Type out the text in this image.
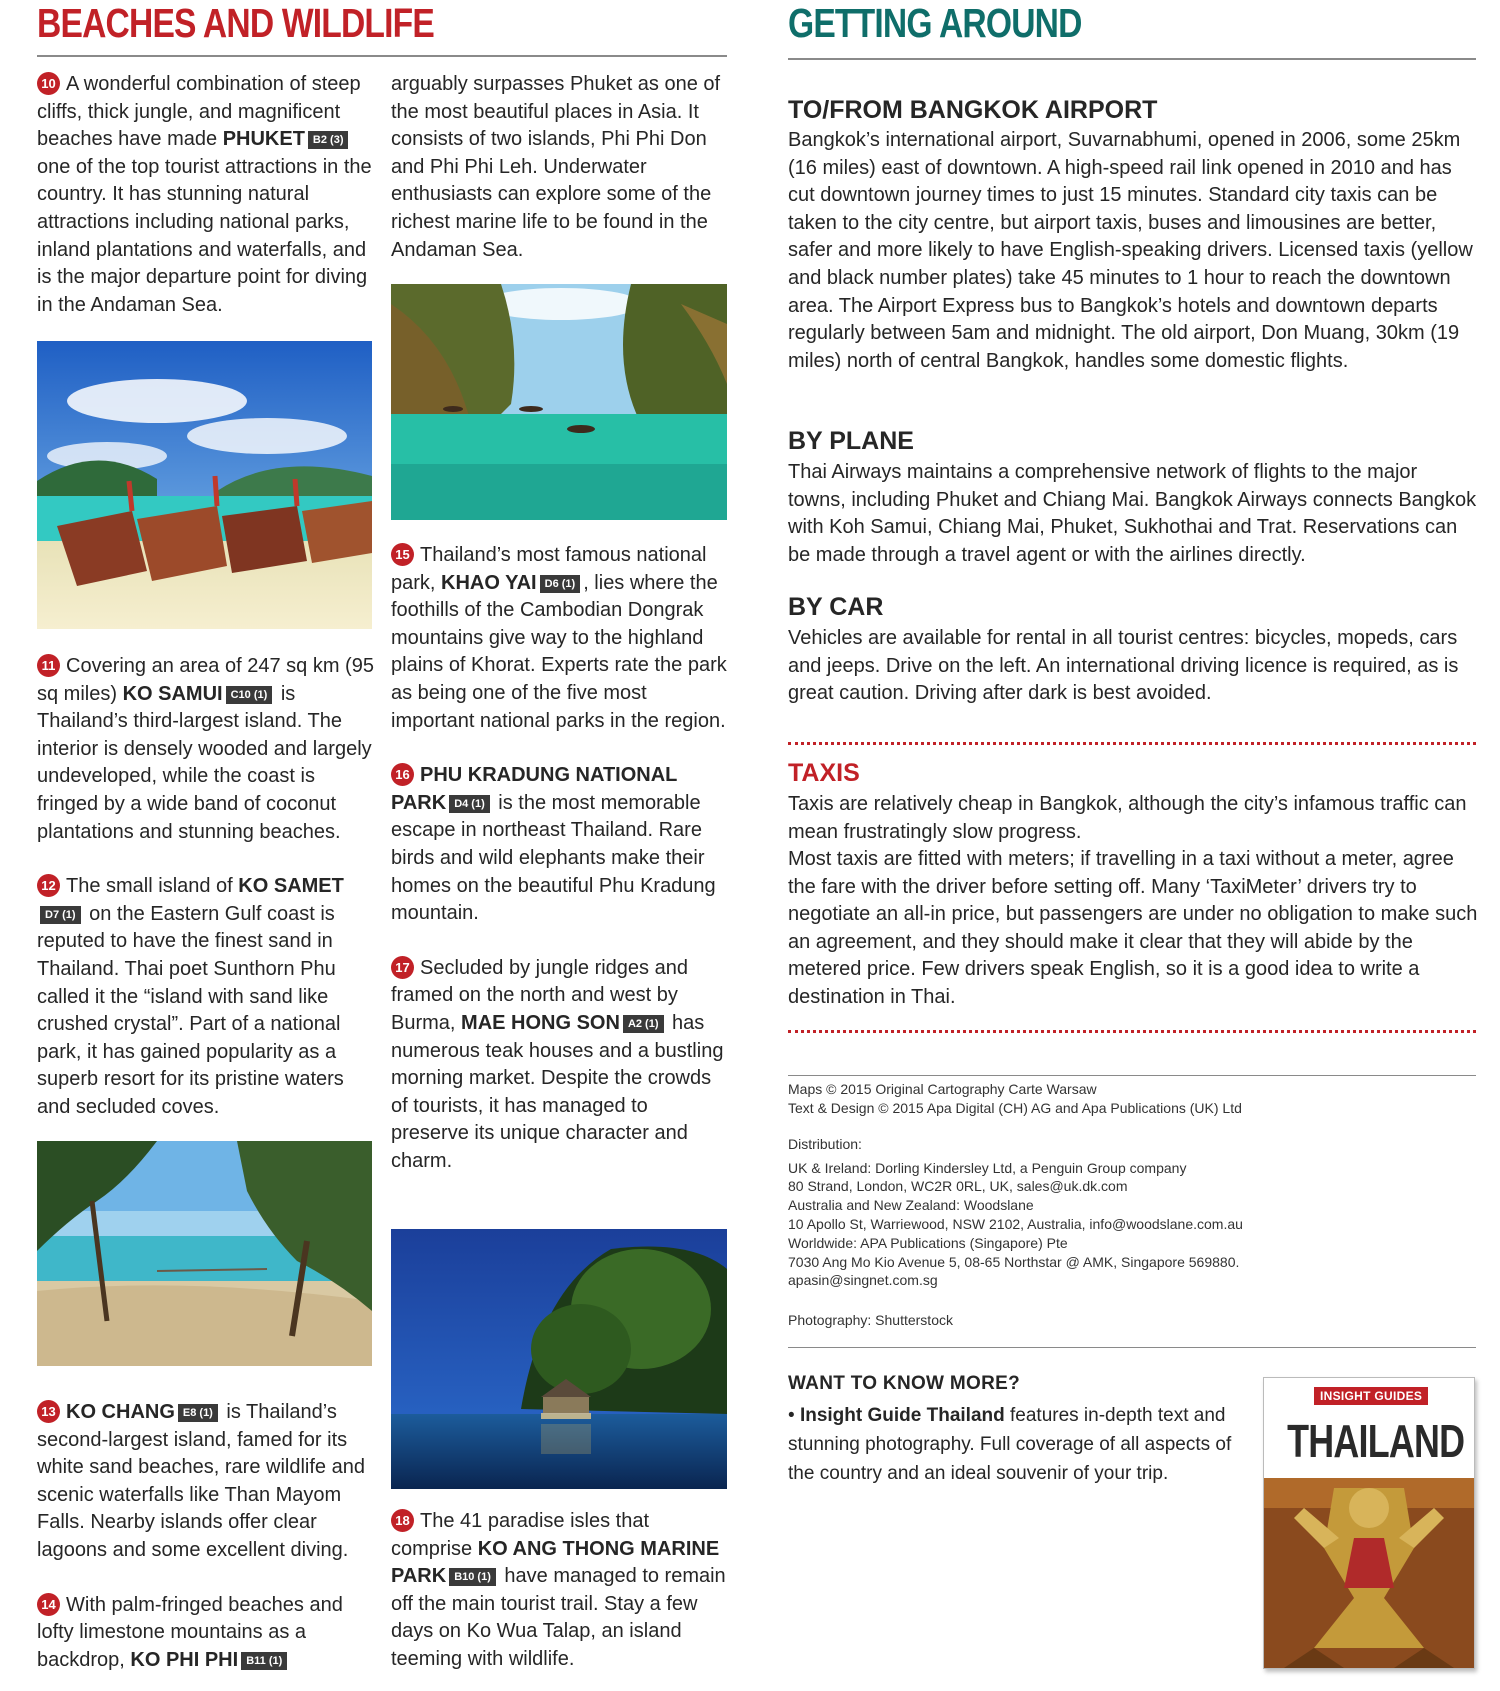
BEACHES AND WILDLIFE

10 A wonderful combination of steep cliffs, thick jungle, and magnificent beaches have made PHUKET B2 (3) one of the top tourist attractions in the country. It has stunning natural attractions including national parks, inland plantations and waterfalls, and is the major departure point for diving in the Andaman Sea.

11 Covering an area of 247 sq km (95 sq miles) KO SAMUI C10 (1) is Thailand’s third-largest island. The interior is densely wooded and largely undeveloped, while the coast is fringed by a wide band of coconut plantations and stunning beaches.

12 The small island of KO SAMETD7 (1) on the Eastern Gulf coast is reputed to have the finest sand in Thailand. Thai poet Sunthorn Phu called it the “island with sand like crushed crystal”. Part of a national park, it has gained popularity as a superb resort for its pristine waters and secluded coves.

13 KO CHANG E8 (1) is Thailand’s second-largest island, famed for its white sand beaches, rare wildlife and scenic waterfalls like Than Mayom Falls. Nearby islands offer clear lagoons and some excellent diving.

14 With palm-fringed beaches and lofty limestone mountains as a backdrop, KO PHI PHI B11 (1)

arguably surpasses Phuket as one of the most beautiful places in Asia. It consists of two islands, Phi Phi Don and Phi Phi Leh. Underwater enthusiasts can explore some of the richest marine life to be found in the Andaman Sea.

15 Thailand’s most famous national park, KHAO YAI D6 (1) , lies where the foothills of the Cambodian Dongrak mountains give way to the highland plains of Khorat. Experts rate the park as being one of the five most important national parks in the region.

16 PHU KRADUNG NATIONAL PARK D4 (1) is the most memorable escape in northeast Thailand. Rare birds and wild elephants make their homes on the beautiful Phu Kradung mountain.

17 Secluded by jungle ridges and framed on the north and west by Burma, MAE HONG SON A2 (1) has numerous teak houses and a bustling morning market. Despite the crowds of tourists, it has managed to preserve its unique character and charm.

18 The 41 paradise isles that comprise KO ANG THONG MARINE PARK B10 (1) have managed to remain off the main tourist trail. Stay a few days on Ko Wua Talap, an island teeming with wildlife.

GETTING AROUND
TO/FROM BANGKOK AIRPORT

Bangkok’s international airport, Suvarnabhumi, opened in 2006, some 25km (16 miles) east of downtown. A high-speed rail link opened in 2010 and has cut downtown journey times to just 15 minutes. Standard city taxis can be taken to the city centre, but airport taxis, buses and limousines are better, safer and more likely to have English-speaking drivers. Licensed taxis (yellow and black number plates) take 45 minutes to 1 hour to reach the downtown area. The Airport Express bus to Bangkok’s hotels and downtown departs regularly between 5am and midnight. The old airport, Don Muang, 30km (19 miles) north of central Bangkok, handles some domestic flights.

BY PLANE

Thai Airways maintains a comprehensive network of flights to the major towns, including Phuket and Chiang Mai. Bangkok Airways connects Bangkok with Koh Samui, Chiang Mai, Phuket, Sukhothai and Trat. Reservations can be made through a travel agent or with the airlines directly.

BY CAR

Vehicles are available for rental in all tourist centres: bicycles, mopeds, cars and jeeps. Drive on the left. An international driving licence is required, as is great caution. Driving after dark is best avoided.

TAXIS

Taxis are relatively cheap in Bangkok, although the city’s infamous traffic can mean frustratingly slow progress.

Most taxis are fitted with meters; if travelling in a taxi without a meter, agree the fare with the driver before setting off. Many ‘TaxiMeter’ drivers try to negotiate an all-in price, but passengers are under no obligation to make such an agreement, and they should make it clear that they will abide by the metered price. Few drivers speak English, so it is a good idea to write a destination in Thai.

Maps © 2015 Original Cartography Carte Warsaw

Text & Design © 2015 Apa Digital (CH) AG and Apa Publications (UK) Ltd

Distribution:

UK & Ireland: Dorling Kindersley Ltd, a Penguin Group company

80 Strand, London, WC2R 0RL, UK, sales@uk.dk.com

Australia and New Zealand: Woodslane

10 Apollo St, Warriewood, NSW 2102, Australia, info@woodslane.com.au

Worldwide: APA Publications (Singapore) Pte

7030 Ang Mo Kio Avenue 5, 08-65 Northstar @ AMK, Singapore 569880.

apasin@singnet.com.sg

Photography: Shutterstock

WANT TO KNOW MORE?

• Insight Guide Thailand features in-depth text and stunning photography. Full coverage of all aspects of the country and an ideal souvenir of your trip.

INSIGHT GUIDES
THAILAND
